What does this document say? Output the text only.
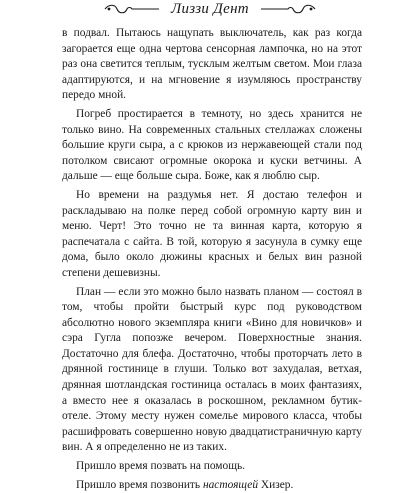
Лиззи Дент

в подвал. Пытаюсь нащупать выключатель, как раз когда загорается еще одна чертова сенсорная лампочка, но на этот раз она светится теплым, тусклым желтым светом. Мои глаза адаптируются, и на мгновение я изумляюсь пространству передо мной.

Погреб простирается в темноту, но здесь хранится не только вино. На современных стальных стеллажах сложены большие круги сыра, а с крюков из нержавеющей стали под потолком свисают огромные окорока и куски ветчины. А дальше — еще больше сыра. Боже, как я люблю сыр.

Но времени на раздумья нет. Я достаю телефон и раскладываю на полке перед собой огромную карту вин и меню. Черт! Это точно не та винная карта, которую я распечатала с сайта. В той, которую я засунула в сумку еще дома, было около дюжины красных и белых вин разной степени дешевизны.

План — если это можно было назвать планом — состоял в том, чтобы пройти быстрый курс под руководством абсолютно нового экземпляра книги «Вино для новичков» и сэра Гугла попозже вечером. Поверхностные знания. Достаточно для блефа. Достаточно, чтобы проторчать лето в дрянной гостинице в глуши. Только вот захудалая, ветхая, дрянная шотландская гостиница осталась в моих фантазиях, а вместо нее я оказалась в роскошном, рекламном бутик-отеле. Этому месту нужен сомелье мирового класса, чтобы расшифровать совершенно новую двадцатистраничную карту вин. А я определенно не из таких.

Пришло время позвать на помощь.

Пришло время позвонить настоящей Хизер.
